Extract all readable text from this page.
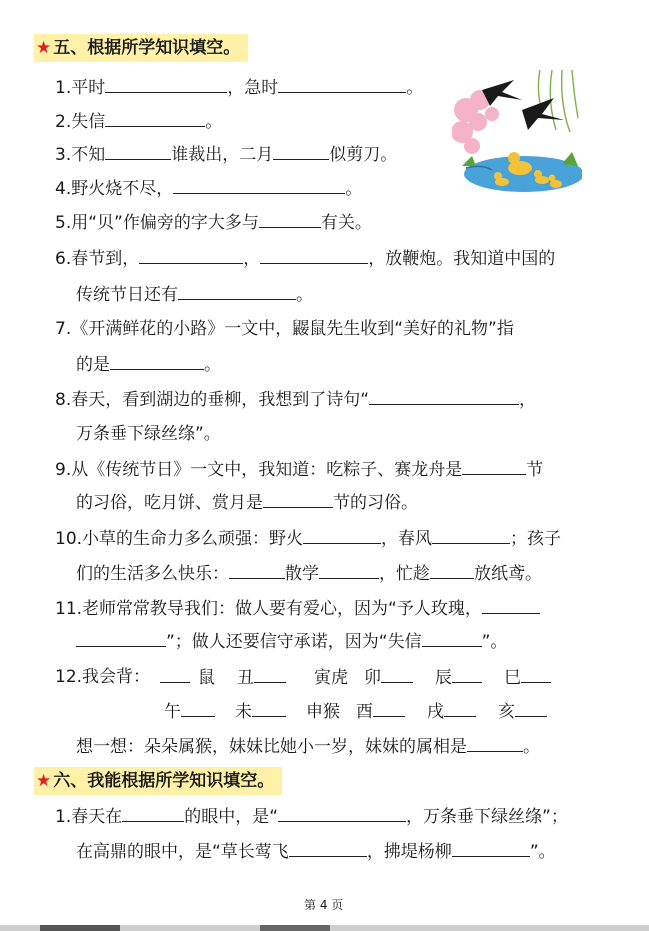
★ 五、根据所学知识填空。
1.平时	，急时	。
2.失信	。
3.不知	谁裁出，二月	似剪刀。
4.野火烧不尽，	。
5.用“贝”作偏旁的字大多与	有关。
6.春节到，	，	，放鞭炮。我知道中国的
传统节日还有	。
7.《开满鲜花的小路》一文中，鼹鼠先生收到“美好的礼物”指
的是	。
8.春天，看到湖边的垂柳，我想到了诗句“	，
万条垂下绿丝绦”。
9.从《传统节日》一文中，我知道：吃粽子、赛龙舟是	节
的习俗，吃月饼、赏月是	节的习俗。
10.小草的生命力多么顽强：野火	，春风	；孩子
们的生活多么快乐：	散学	，忙趁	放纸鸢。
11.老师常常教导我们：做人要有爱心，因为“予人玫瑰，
”；做人还要信守承诺，因为“失信	”。
12.我会背：	鼠 丑	寅虎 卯	辰	巳
午	未	申猴 酉	戌	亥
想一想：朵朵属猴，妹妹比她小一岁，妹妹的属相是	。
★ 六、我能根据所学知识填空。
1.春天在	的眼中，是“	，万条垂下绿丝绦”；
在高鼎的眼中，是“草长莺飞	，拂堤杨柳	”。
第 4 页
